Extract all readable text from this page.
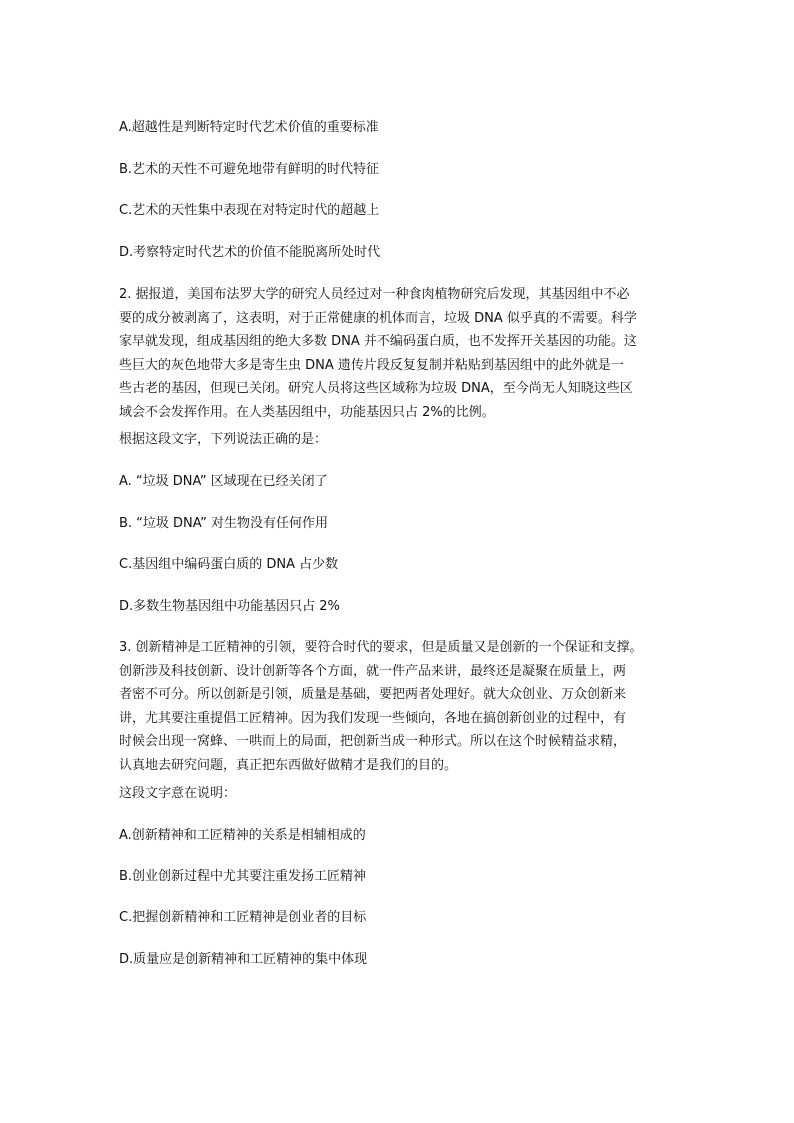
A.超越性是判断特定时代艺术价值的重要标准
B.艺术的天性不可避免地带有鲜明的时代特征
C.艺术的天性集中表现在对特定时代的超越上
D.考察特定时代艺术的价值不能脱离所处时代
2. 据报道，美国布法罗大学的研究人员经过对一种食肉植物研究后发现，其基因组中不必
要的成分被剥离了，这表明，对于正常健康的机体而言，垃圾 DNA 似乎真的不需要。科学
家早就发现，组成基因组的绝大多数 DNA 并不编码蛋白质，也不发挥开关基因的功能。这
些巨大的灰色地带大多是寄生虫 DNA 遗传片段反复复制并粘贴到基因组中的此外就是一
些古老的基因，但现已关闭。研究人员将这些区域称为垃圾 DNA，至今尚无人知晓这些区
域会不会发挥作用。在人类基因组中，功能基因只占 2%的比例。
根据这段文字，下列说法正确的是：
A. “垃圾 DNA” 区域现在已经关闭了
B. “垃圾 DNA” 对生物没有任何作用
C.基因组中编码蛋白质的 DNA 占少数
D.多数生物基因组中功能基因只占 2%
3. 创新精神是工匠精神的引领，要符合时代的要求，但是质量又是创新的一个保证和支撑。
创新涉及科技创新、设计创新等各个方面，就一件产品来讲，最终还是凝聚在质量上，两
者密不可分。所以创新是引领，质量是基础，要把两者处理好。就大众创业、万众创新来
讲，尤其要注重提倡工匠精神。因为我们发现一些倾向，各地在搞创新创业的过程中，有
时候会出现一窝蜂、一哄而上的局面，把创新当成一种形式。所以在这个时候精益求精，
认真地去研究问题，真正把东西做好做精才是我们的目的。
这段文字意在说明：
A.创新精神和工匠精神的关系是相辅相成的
B.创业创新过程中尤其要注重发扬工匠精神
C.把握创新精神和工匠精神是创业者的目标
D.质量应是创新精神和工匠精神的集中体现
